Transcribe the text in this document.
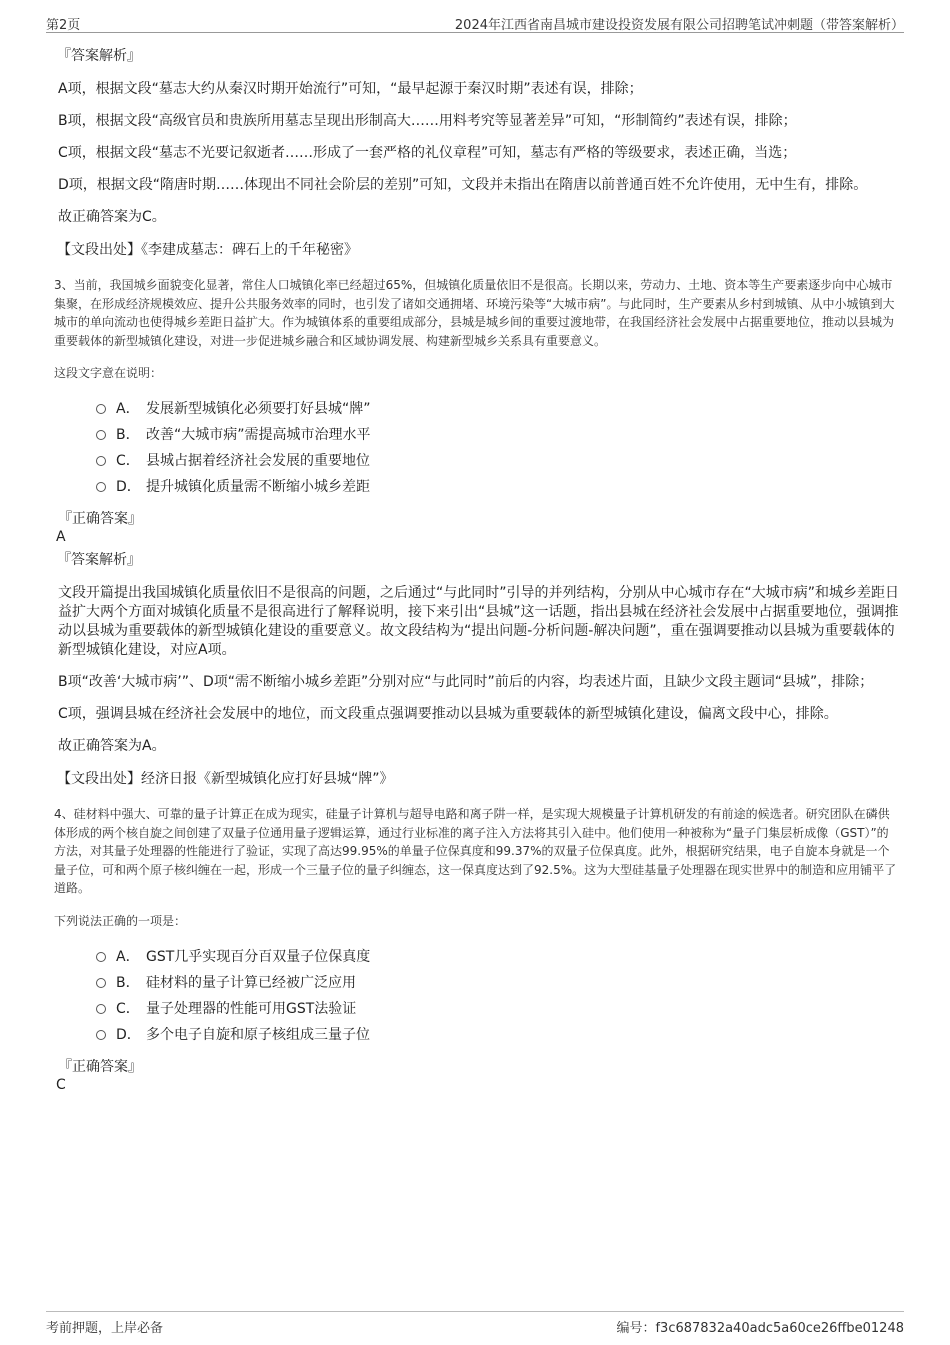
第2页	2024年江西省南昌城市建设投资发展有限公司招聘笔试冲刺题（带答案解析）
『答案解析』

A项，根据文段“墓志大约从秦汉时期开始流行”可知，“最早起源于秦汉时期”表述有误，排除；

B项，根据文段“高级官员和贵族所用墓志呈现出形制高大……用料考究等显著差异”可知，“形制简约”表述有误，排除；

C项，根据文段“墓志不光要记叙逝者……形成了一套严格的礼仪章程”可知，墓志有严格的等级要求，表述正确，当选；

D项，根据文段“隋唐时期……体现出不同社会阶层的差别”可知，文段并未指出在隋唐以前普通百姓不允许使用，无中生有，排除。

故正确答案为C。

【文段出处】《李建成墓志：碑石上的千年秘密》

3、当前，我国城乡面貌变化显著，常住人口城镇化率已经超过65%，但城镇化质量依旧不是很高。长期以来，劳动力、土地、资本等生产要素逐步向中心城市集聚，在形成经济规模效应、提升公共服务效率的同时，也引发了诸如交通拥堵、环境污染等“大城市病”。与此同时，生产要素从乡村到城镇、从中小城镇到大城市的单向流动也使得城乡差距日益扩大。作为城镇体系的重要组成部分，县城是城乡间的重要过渡地带，在我国经济社会发展中占据重要地位，推动以县城为重要载体的新型城镇化建设，对进一步促进城乡融合和区域协调发展、构建新型城乡关系具有重要意义。

这段文字意在说明：

A． 发展新型城镇化必须要打好县城“牌”
B． 改善“大城市病”需提高城市治理水平
C． 县城占据着经济社会发展的重要地位
D． 提升城镇化质量需不断缩小城乡差距
『正确答案』
A
『答案解析』

文段开篇提出我国城镇化质量依旧不是很高的问题，之后通过“与此同时”引导的并列结构，分别从中心城市存在“大城市病”和城乡差距日益扩大两个方面对城镇化质量不是很高进行了解释说明，接下来引出“县城”这一话题，指出县城在经济社会发展中占据重要地位，强调推动以县城为重要载体的新型城镇化建设的重要意义。故文段结构为“提出问题-分析问题-解决问题”，重在强调要推动以县城为重要载体的新型城镇化建设，对应A项。

B项“改善‘大城市病’”、D项“需不断缩小城乡差距”分别对应“与此同时”前后的内容，均表述片面，且缺少文段主题词“县城”，排除；

C项，强调县城在经济社会发展中的地位，而文段重点强调要推动以县城为重要载体的新型城镇化建设，偏离文段中心，排除。

故正确答案为A。

【文段出处】经济日报《新型城镇化应打好县城“牌”》

4、硅材料中强大、可靠的量子计算正在成为现实，硅量子计算机与超导电路和离子阱一样，是实现大规模量子计算机研发的有前途的候选者。研究团队在磷供体形成的两个核自旋之间创建了双量子位通用量子逻辑运算，通过行业标准的离子注入方法将其引入硅中。他们使用一种被称为“量子门集层析成像（GST）”的方法，对其量子处理器的性能进行了验证，实现了高达99.95%的单量子位保真度和99.37%的双量子位保真度。此外，根据研究结果，电子自旋本身就是一个量子位，可和两个原子核纠缠在一起，形成一个三量子位的量子纠缠态，这一保真度达到了92.5%。这为大型硅基量子处理器在现实世界中的制造和应用铺平了道路。

下列说法正确的一项是：

A． GST几乎实现百分百双量子位保真度
B． 硅材料的量子计算已经被广泛应用
C． 量子处理器的性能可用GST法验证
D． 多个电子自旋和原子核组成三量子位
『正确答案』
C
考前押题，上岸必备	编号：f3c687832a40adc5a60ce26ffbe01248
